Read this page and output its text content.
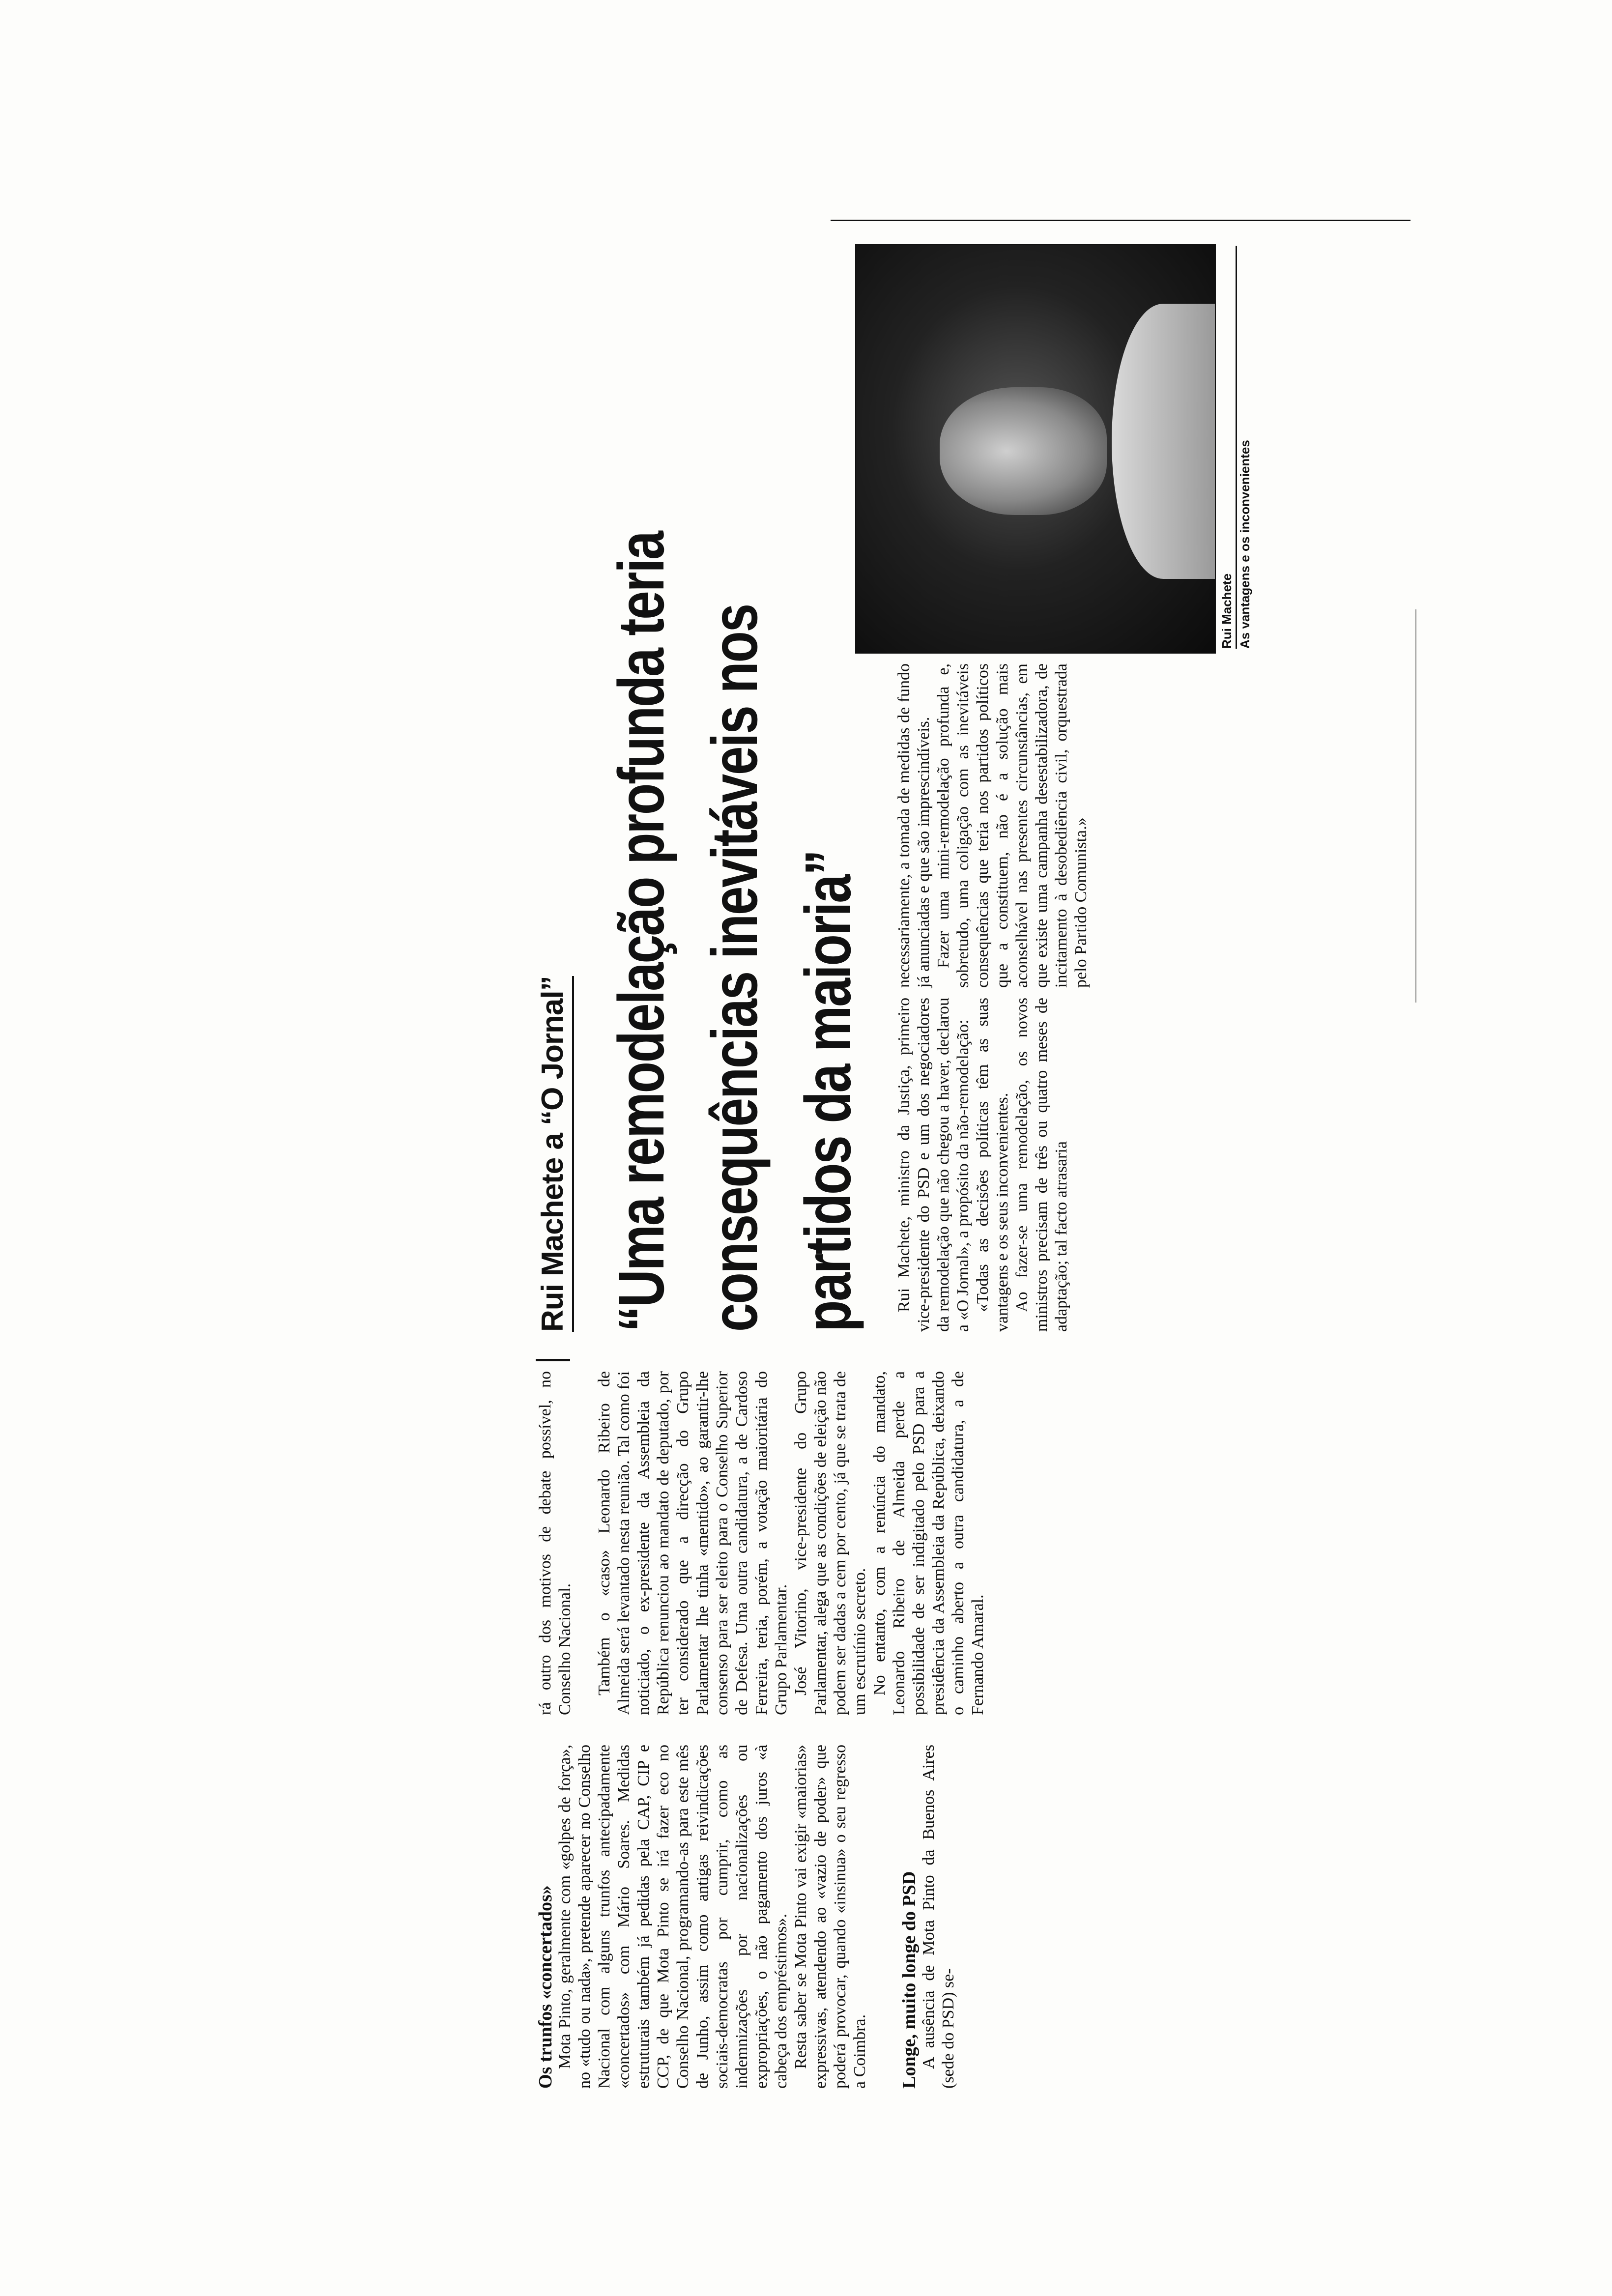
Os trunfos «concertados» Mota Pinto, geralmente com «golpes de força», no «tudo ou nada», pretende aparecer no Conselho Nacional com alguns trunfos antecipadamente «concertados» com Mário Soares. Medidas estruturais também já pedidas pela CAP, CIP e CCP, de que Mota Pinto se irá fazer eco no Conselho Nacional, programando-as para este mês de Junho, assim como antigas reivindicações sociais-democratas por cumprir, como as indemnizações por nacionalizações ou expropriações, o não pagamento dos juros «à cabeça dos empréstimos». Resta saber se Mota Pinto vai exigir «maiorias» expressivas, atendendo ao «vazio de poder» que poderá provocar, quando «insinua» o seu regresso a Coimbra. Longe, muito longe do PSD A ausência de Mota Pinto da Buenos Aires (sede do PSD) se-

rá outro dos motivos de debate possível, no Conselho Nacional. Também o «caso» Leonardo Ribeiro de Almeida será levantado nesta reunião. Tal como foi noticiado, o ex-presidente da Assembleia da República renunciou ao mandato de deputado, por ter considerado que a direcção do Grupo Parlamentar lhe tinha «mentido», ao garantir-lhe consenso para ser eleito para o Conselho Superior de Defesa. Uma outra candidatura, a de Cardoso Ferreira, teria, porém, a votação maioritária do Grupo Parlamentar. José Vitorino, vice-presidente do Grupo Parlamentar, alega que as condições de eleição não podem ser dadas a cem por cento, já que se trata de um escrutínio secreto. No entanto, com a renúncia do mandato, Leonardo Ribeiro de Almeida perde a possibilidade de ser indigitado pelo PSD para a presidência da Assembleia da República, deixando o caminho aberto a outra candidatura, a de Fernando Amaral.

Rui Machete a “O Jornal” “Uma remodelação profunda teria consequências inevitáveis nos partidos da maioria”	Rui Machete, ministro da Justiça, primeiro vice-presidente do PSD e um dos negociadores da remodelação que não chegou a haver, declarou a «O Jornal», a propósito da não-remodelação: «Todas as decisões políticas têm as suas vantagens e os seus inconvenientes. Ao fazer-se uma remodelação, os novos ministros precisam de três ou quatro meses de adaptação; tal facto atrasaria

necessariamente, a tomada de medidas de fundo já anunciadas e que são imprescindíveis. Fazer uma mini-remodelação profunda e, sobretudo, uma coligação com as inevitáveis consequências que teria nos partidos políticos que a constituem, não é a solução mais aconselhável nas presentes circunstâncias, em que existe uma campanha desestabilizadora, de incitamento à desobediência civil, orquestrada pelo Partido Comunista.»

Rui Machete As vantagens e os inconvenientes
